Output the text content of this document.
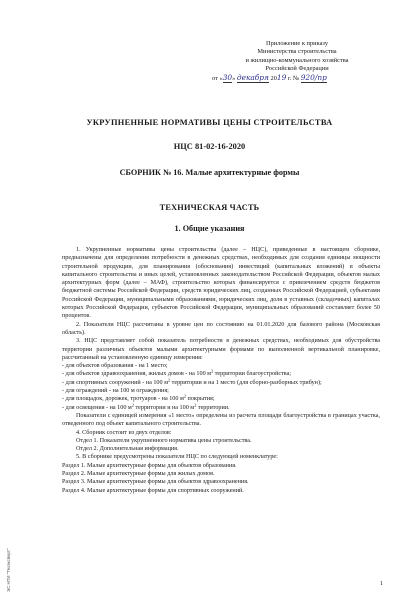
Приложение к приказу
Министерства строительства
и жилищно-коммунального хозяйства
Российской Федерации
от «30» декабря 2019 г. № 920/пр
УКРУПНЕННЫЕ НОРМАТИВЫ ЦЕНЫ СТРОИТЕЛЬСТВА
НЦС 81-02-16-2020
СБОРНИК № 16. Малые архитектурные формы
ТЕХНИЧЕСКАЯ ЧАСТЬ
1. Общие указания

1. Укрупненные нормативы цены строительства (далее – НЦС), приведенные в настоящем сборнике, предназначены для определения потребности в денежных средствах, необходимых для создания единицы мощности строительной продукции, для планирования (обоснования) инвестиций (капитальных вложений) в объекты капитального строительства и иных целей, установленных законодательством Российской Федерации, объектов малых архитектурных форм (далее – МАФ), строительство которых финансируется с привлечением средств бюджетов бюджетной системы Российской Федерации, средств юридических лиц, созданных Российской Федерацией, субъектами Российской Федерации, муниципальными образованиями, юридических лиц, доля в уставных (складочных) капиталах которых Российской Федерации, субъектов Российской Федерации, муниципальных образований составляет более 50 процентов.

2. Показатели НЦС рассчитаны в уровне цен по состоянию на 01.01.2020 для базового района (Московская область).

3. НЦС представляет собой показатель потребности в денежных средствах, необходимых для обустройства территории различных объектов малыми архитектурными формами по выполненной вертикальной планировке, рассчитанный на установленную единицу измерения:

- для объектов образования - на 1 место;

- для объектов здравоохранения, жилых домов - на 100 $м^2$ территории благоустройства;

- для спортивных сооружений - на 100 $м^2$ территории и на 1 место (для сборно-разборных трибун);

- для ограждений - на 100 м ограждения;

- для площадок, дорожек, тротуаров - на 100 $м^2$ покрытия;

- для освещения - на 100 $м^2$ территории и на 100 $м^2$ территории.

Показатели с единицей измерения «1 место» определены из расчета площади благоустройства в границах участка, отведенного под объект капитального строительства.

4. Сборник состоит из двух отделов:

Отдел 1. Показатели укрупненного норматива цены строительства.

Отдел 2. Дополнительная информация.

5. В сборнике предусмотрены показатели НЦС по следующей номенклатуре:

Раздел 1. Малые архитектурные формы для объектов образования.

Раздел 2. Малые архитектурные формы для жилых домов.

Раздел 3. Малые архитектурные формы для объектов здравоохранения.

Раздел 4. Малые архитектурные формы для спортивных сооружений.

ЭС НТИ "Техэксперт"	1
